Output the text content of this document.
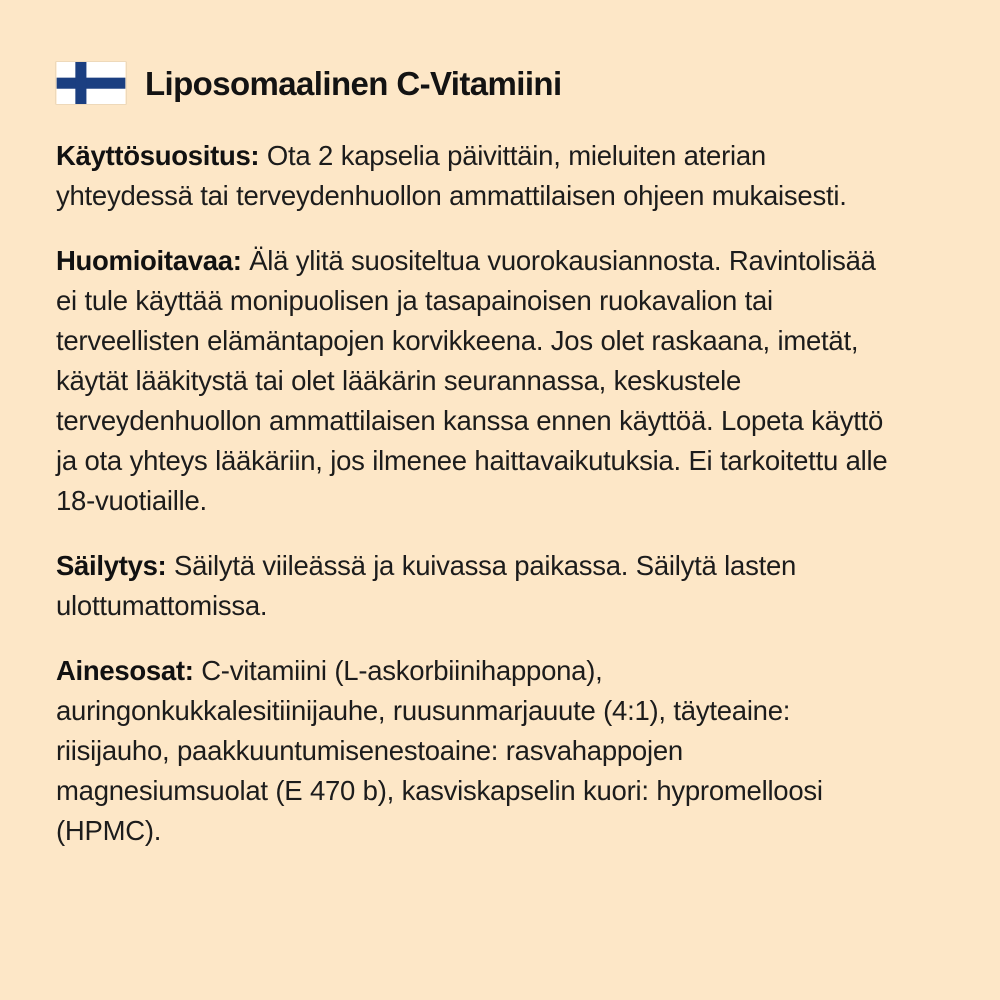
Liposomaalinen C-Vitamiini

Käyttösuositus: Ota 2 kapselia päivittäin, mieluiten aterian yhteydessä tai terveydenhuollon ammattilaisen ohjeen mukaisesti.

Huomioitavaa: Älä ylitä suositeltua vuorokausiannosta. Ravintolisää ei tule käyttää monipuolisen ja tasapainoisen ruokavalion tai terveellisten elämäntapojen korvikkeena. Jos olet raskaana, imetät, käytät lääkitystä tai olet lääkärin seurannassa, keskustele terveydenhuollon ammattilaisen kanssa ennen käyttöä. Lopeta käyttö ja ota yhteys lääkäriin, jos ilmenee haittavaikutuksia. Ei tarkoitettu alle 18-vuotiaille.

Säilytys: Säilytä viileässä ja kuivassa paikassa. Säilytä lasten ulottumattomissa.

Ainesosat: C-vitamiini (L-askorbiinihappona), auringonkukkalesitiinijauhe, ruusunmarjauute (4:1), täyteaine: riisijauho, paakkuuntumisenestoaine: rasvahappojen magnesiumsuolat (E 470 b), kasviskapselin kuori: hypromelloosi (HPMC).
